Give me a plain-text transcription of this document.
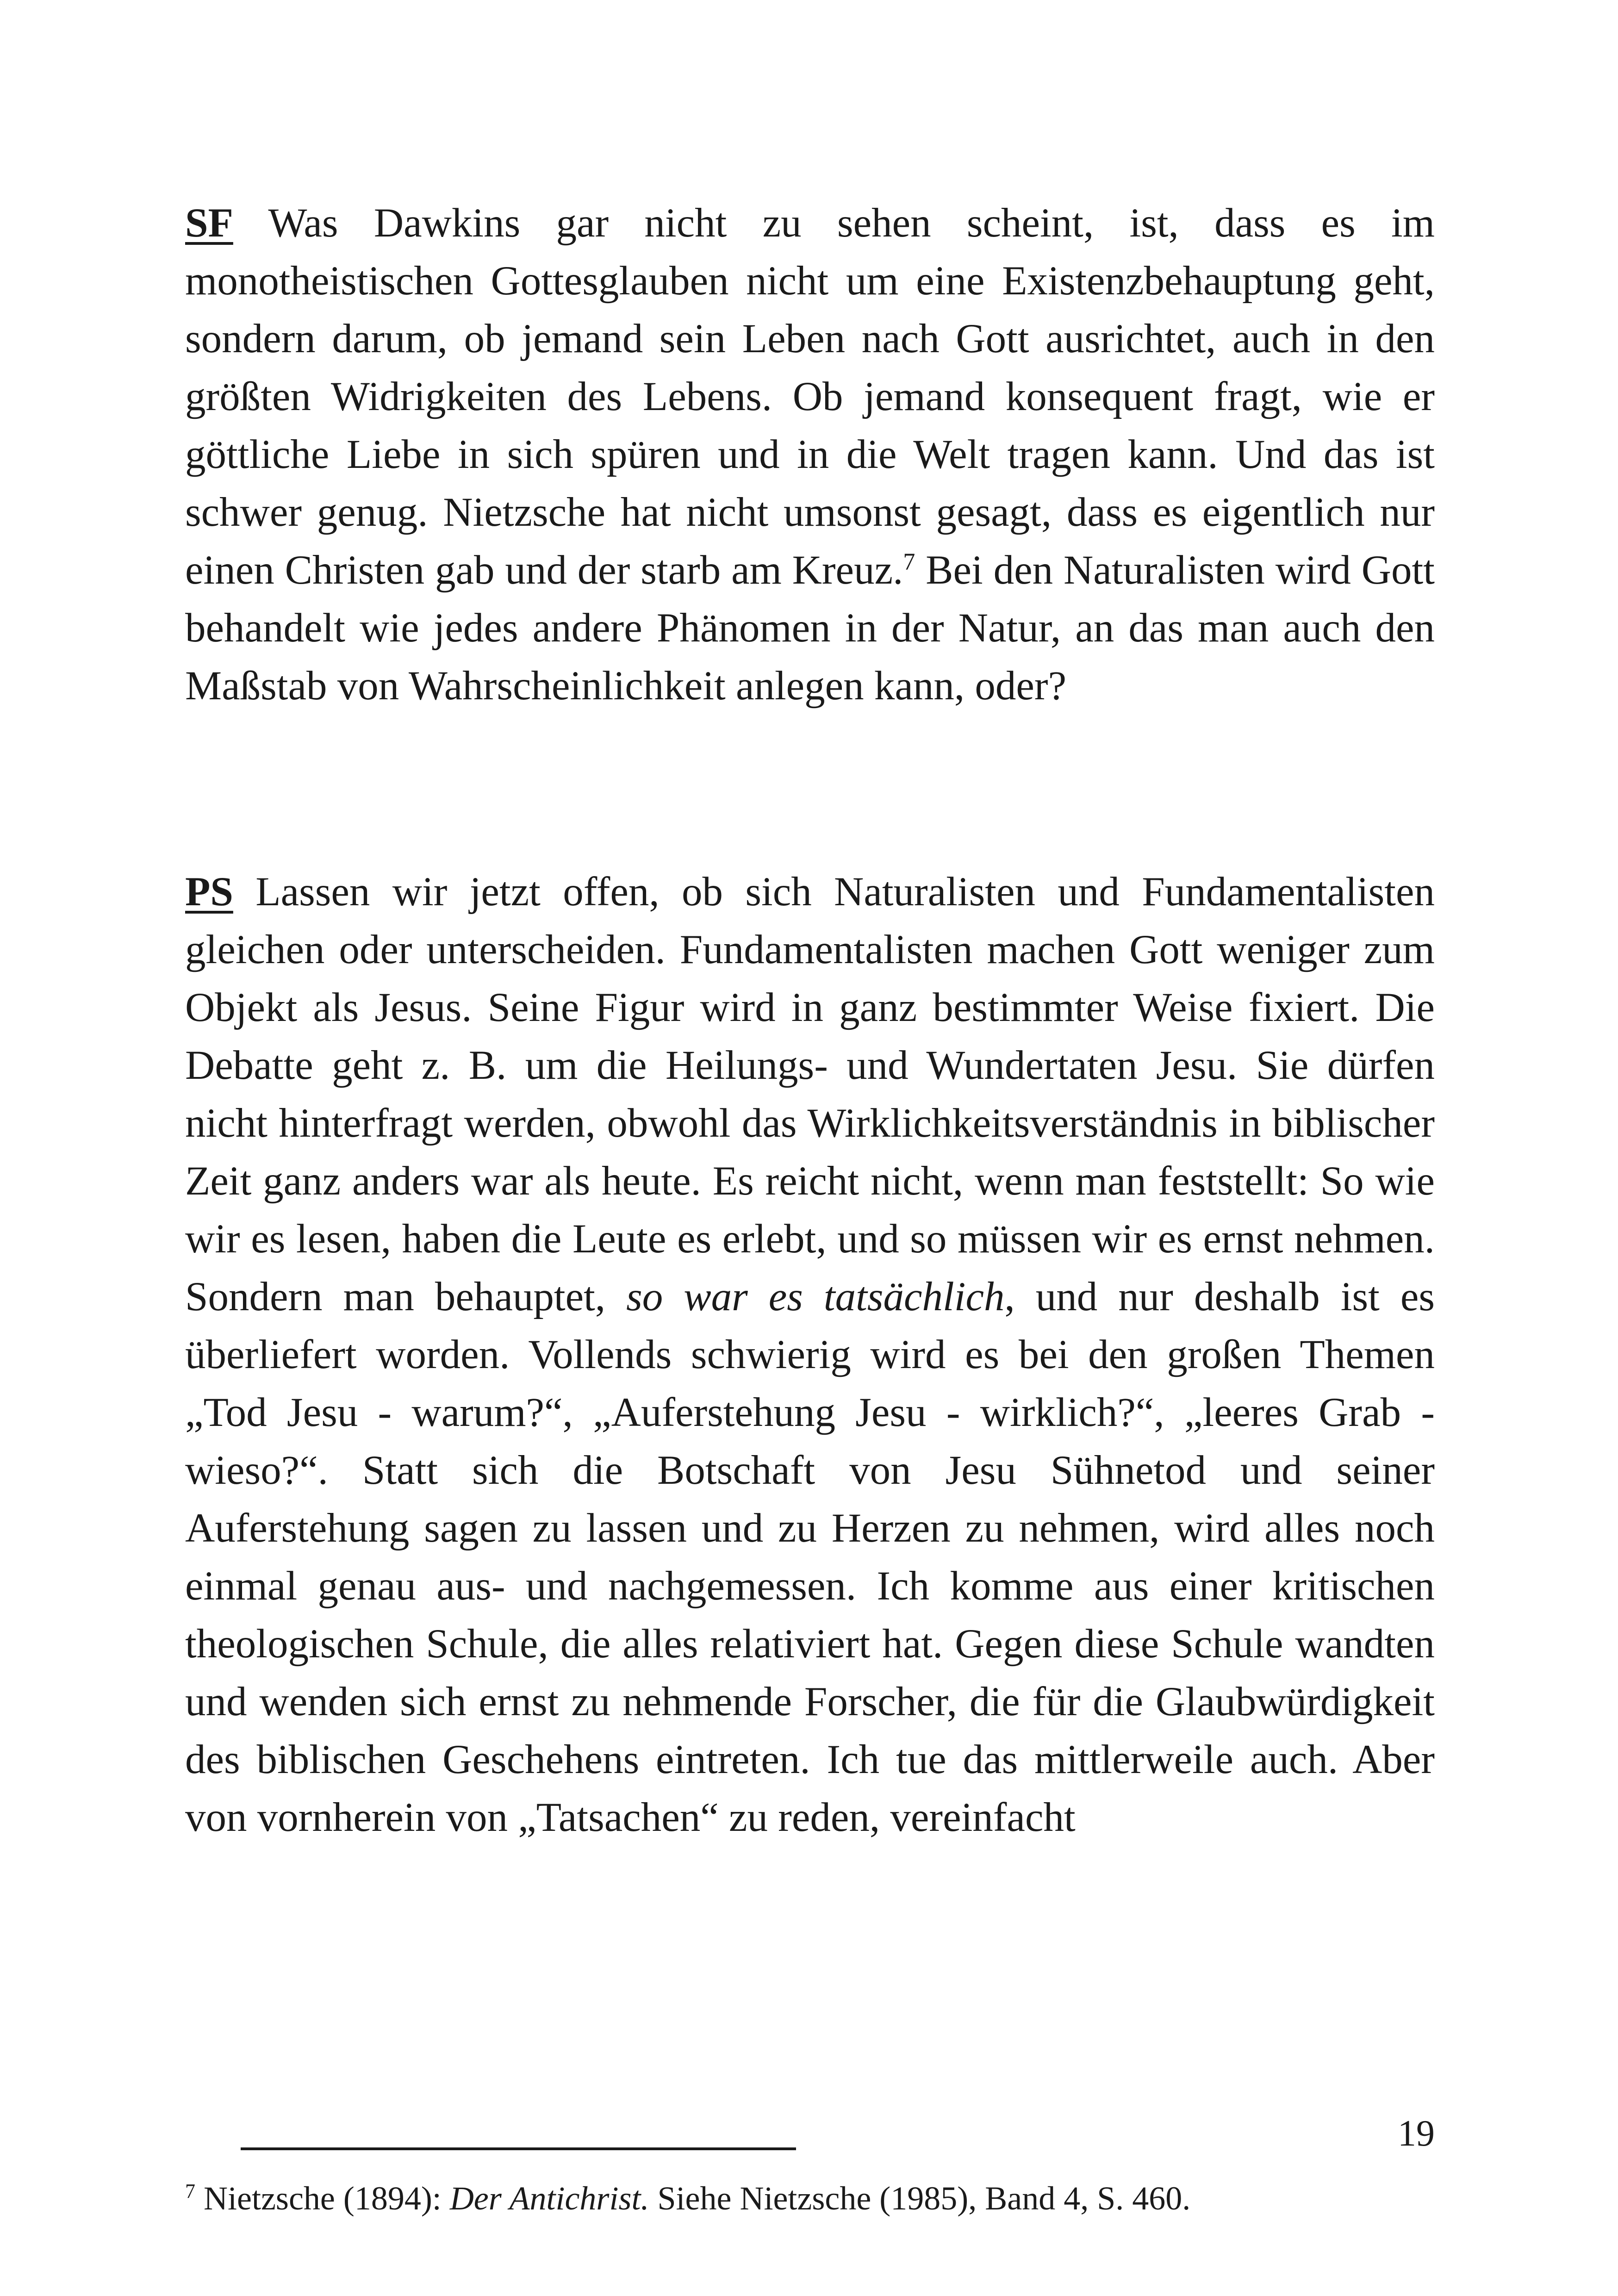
SF Was Dawkins gar nicht zu sehen scheint, ist, dass es im monotheistischen Gottesglauben nicht um eine Existenzbehauptung geht, sondern darum, ob jemand sein Leben nach Gott ausrichtet, auch in den größten Widrigkeiten des Lebens. Ob jemand konsequent fragt, wie er göttliche Liebe in sich spüren und in die Welt tragen kann. Und das ist schwer genug. Nietzsche hat nicht umsonst gesagt, dass es eigentlich nur einen Christen gab und der starb am Kreuz.$^7$ Bei den Naturalisten wird Gott behandelt wie jedes andere Phänomen in der Natur, an das man auch den Maßstab von Wahrscheinlichkeit anlegen kann, oder?

PS Lassen wir jetzt offen, ob sich Naturalisten und Fundamentalisten gleichen oder unterscheiden. Fundamentalisten machen Gott weniger zum Objekt als Jesus. Seine Figur wird in ganz bestimmter Weise fixiert. Die Debatte geht z. B. um die Heilungs- und Wundertaten Jesu. Sie dürfen nicht hinterfragt werden, obwohl das Wirklichkeitsverständnis in biblischer Zeit ganz anders war als heute. Es reicht nicht, wenn man feststellt: So wie wir es lesen, haben die Leute es erlebt, und so müssen wir es ernst nehmen. Sondern man behauptet, so war es tatsächlich, und nur deshalb ist es überliefert worden. Vollends schwierig wird es bei den großen Themen „Tod Jesu - warum?“, „Auferstehung Jesu - wirklich?“, „leeres Grab - wieso?“. Statt sich die Botschaft von Jesu Sühnetod und seiner Auferstehung sagen zu lassen und zu Herzen zu nehmen, wird alles noch einmal genau aus- und nachgemessen. Ich komme aus einer kritischen theologischen Schule, die alles relativiert hat. Gegen diese Schule wandten und wenden sich ernst zu nehmende Forscher, die für die Glaubwürdigkeit des biblischen Geschehens eintreten. Ich tue das mittlerweile auch. Aber von vornherein von „Tatsachen“ zu reden, vereinfacht

$^7$ Nietzsche (1894): Der Antichrist. Siehe Nietzsche (1985), Band 4, S. 460.

19
